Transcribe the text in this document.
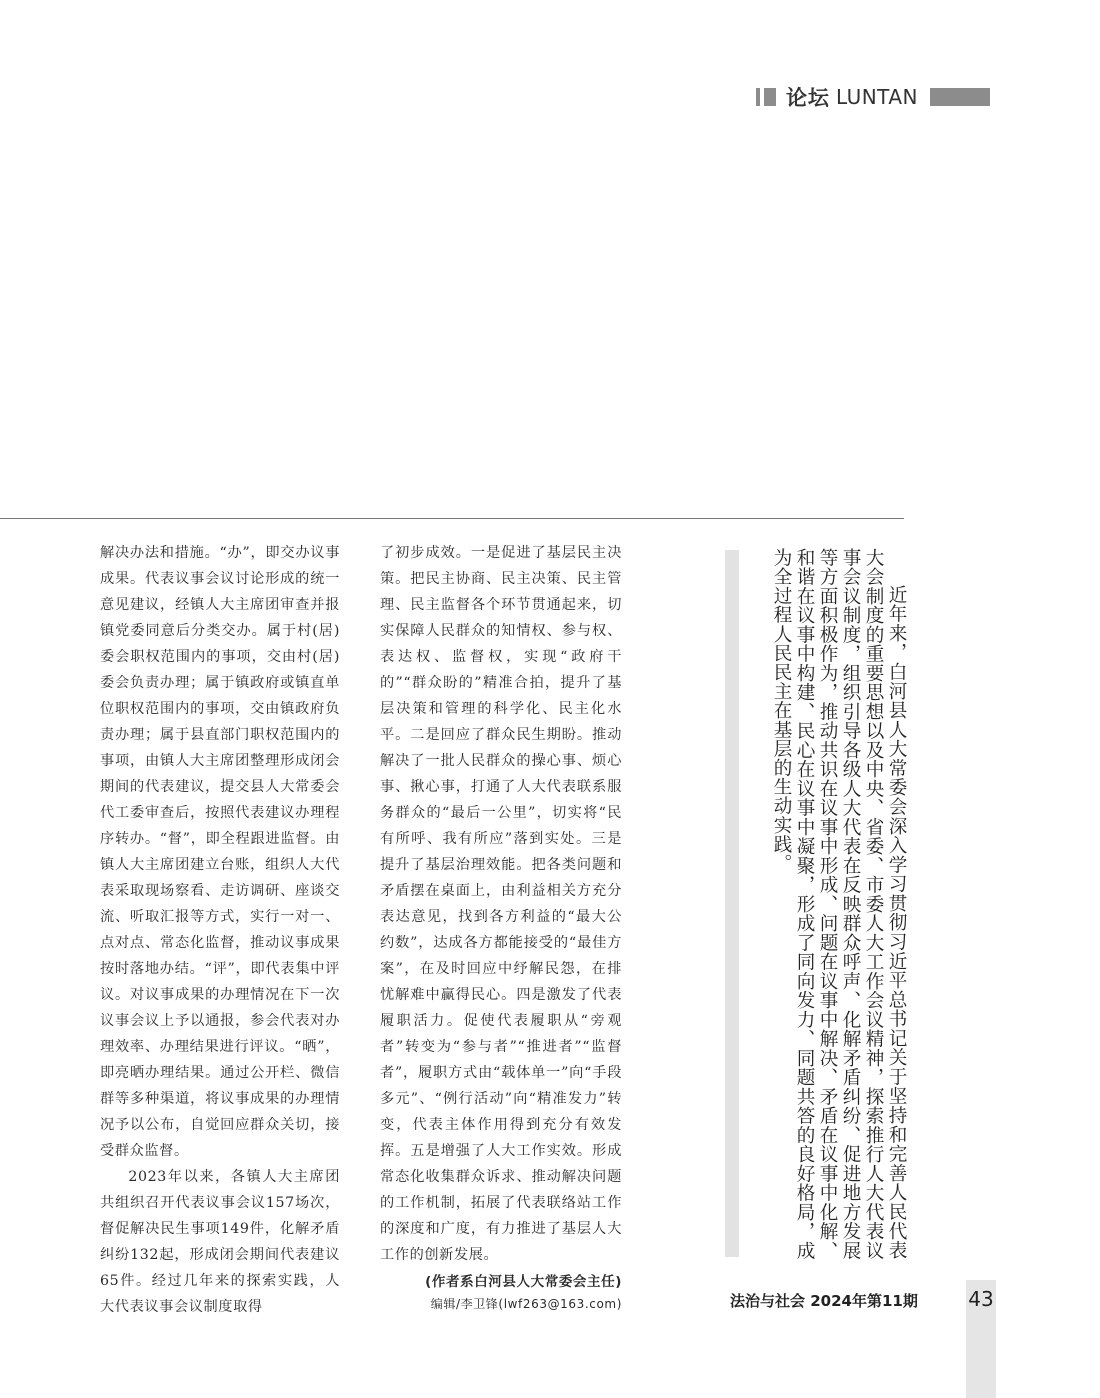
论坛 LUNTAN

解决办法和措施。“办”，即交办议事成果。代表议事会议讨论形成的统一意见建议，经镇人大主席团审查并报镇党委同意后分类交办。属于村(居)委会职权范围内的事项，交由村(居)委会负责办理；属于镇政府或镇直单位职权范围内的事项，交由镇政府负责办理；属于县直部门职权范围内的事项，由镇人大主席团整理形成闭会期间的代表建议，提交县人大常委会代工委审查后，按照代表建议办理程序转办。“督”，即全程跟进监督。由镇人大主席团建立台账，组织人大代表采取现场察看、走访调研、座谈交流、听取汇报等方式，实行一对一、点对点、常态化监督，推动议事成果按时落地办结。“评”，即代表集中评议。对议事成果的办理情况在下一次议事会议上予以通报，参会代表对办理效率、办理结果进行评议。“晒”，即亮晒办理结果。通过公开栏、微信群等多种渠道，将议事成果的办理情况予以公布，自觉回应群众关切，接受群众监督。

2023年以来，各镇人大主席团共组织召开代表议事会议157场次，督促解决民生事项149件，化解矛盾纠纷132起，形成闭会期间代表建议65件。经过几年来的探索实践，人大代表议事会议制度取得

了初步成效。一是促进了基层民主决策。把民主协商、民主决策、民主管理、民主监督各个环节贯通起来，切实保障人民群众的知情权、参与权、表达权、监督权，实现“政府干的”“群众盼的”精准合拍，提升了基层决策和管理的科学化、民主化水平。二是回应了群众民生期盼。推动解决了一批人民群众的操心事、烦心事、揪心事，打通了人大代表联系服务群众的“最后一公里”，切实将“民有所呼、我有所应”落到实处。三是提升了基层治理效能。把各类问题和矛盾摆在桌面上，由利益相关方充分表达意见，找到各方利益的“最大公约数”，达成各方都能接受的“最佳方案”，在及时回应中纾解民怨，在排忧解难中赢得民心。四是激发了代表履职活力。促使代表履职从“旁观者”转变为“参与者”“推进者”“监督者”，履职方式由“载体单一”向“手段多元”、“例行活动”向“精准发力”转变，代表主体作用得到充分有效发挥。五是增强了人大工作实效。形成常态化收集群众诉求、推动解决问题的工作机制，拓展了代表联络站工作的深度和广度，有力推进了基层人大工作的创新发展。

(作者系白河县人大常委会主任)
编辑/李卫锋(lwf263@163.com)
近年来，白河县人大常委会深入学习贯彻习近平总书记关于坚持和完善人民代表大会制度的重要思想以及中央、省委、市委人大工作会议精神，探索推行人大代表议事会议制度，组织引导各级人大代表在反映群众呼声、化解矛盾纠纷、促进地方发展等方面积极作为，推动共识在议事中形成、问题在议事中解决、矛盾在议事中化解、和谐在议事中构建、民心在议事中凝聚，形成了同向发力、同题共答的良好格局，成为全过程人民民主在基层的生动实践。
法治与社会 2024年第11期	43
